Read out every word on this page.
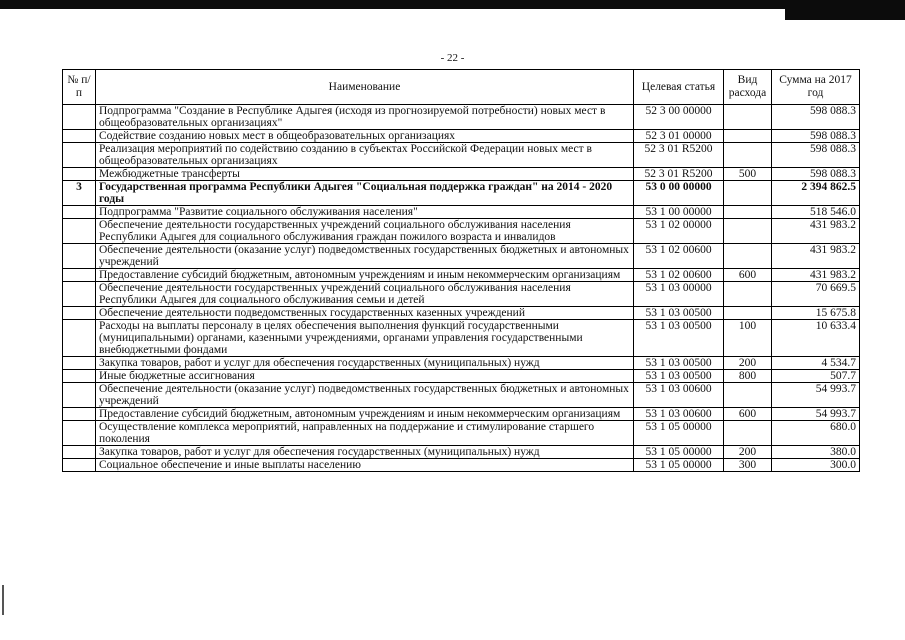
- 22 -
№ п/п	Наименование	Целевая статья	Вид расхода	Сумма на 2017 год
	Подпрограмма "Создание в Республике Адыгея (исходя из прогнозируемой потребности) новых мест в общеобразовательных организациях"	52 3 00 00000		598 088.3
	Содействие созданию новых мест в общеобразовательных организациях	52 3 01 00000		598 088.3
	Реализация мероприятий по содействию созданию в субъектах Российской Федерации новых мест в общеобразовательных организациях	52 3 01 R5200		598 088.3
	Межбюджетные трансферты	52 3 01 R5200	500	598 088.3
3	Государственная программа Республики Адыгея "Социальная поддержка граждан" на 2014 - 2020 годы	53 0 00 00000		2 394 862.5
	Подпрограмма "Развитие социального обслуживания населения"	53 1 00 00000		518 546.0
	Обеспечение деятельности государственных учреждений социального обслуживания населения Республики Адыгея для социального обслуживания граждан пожилого возраста и инвалидов	53 1 02 00000		431 983.2
	Обеспечение деятельности (оказание услуг) подведомственных государственных бюджетных и автономных учреждений	53 1 02 00600		431 983.2
	Предоставление субсидий бюджетным, автономным учреждениям и иным некоммерческим организациям	53 1 02 00600	600	431 983.2
	Обеспечение деятельности государственных учреждений социального обслуживания населения Республики Адыгея для социального обслуживания семьи и детей	53 1 03 00000		70 669.5
	Обеспечение деятельности подведомственных государственных казенных учреждений	53 1 03 00500		15 675.8
	Расходы на выплаты персоналу в целях обеспечения выполнения функций государственными (муниципальными) органами, казенными учреждениями, органами управления государственными внебюджетными фондами	53 1 03 00500	100	10 633.4
	Закупка товаров, работ и услуг для обеспечения государственных (муниципальных) нужд	53 1 03 00500	200	4 534.7
	Иные бюджетные ассигнования	53 1 03 00500	800	507.7
	Обеспечение деятельности (оказание услуг) подведомственных государственных бюджетных и автономных учреждений	53 1 03 00600		54 993.7
	Предоставление субсидий бюджетным, автономным учреждениям и иным некоммерческим организациям	53 1 03 00600	600	54 993.7
	Осуществление комплекса мероприятий, направленных на поддержание и стимулирование старшего поколения	53 1 05 00000		680.0
	Закупка товаров, работ и услуг для обеспечения государственных (муниципальных) нужд	53 1 05 00000	200	380.0
	Социальное обеспечение и иные выплаты населению	53 1 05 00000	300	300.0
